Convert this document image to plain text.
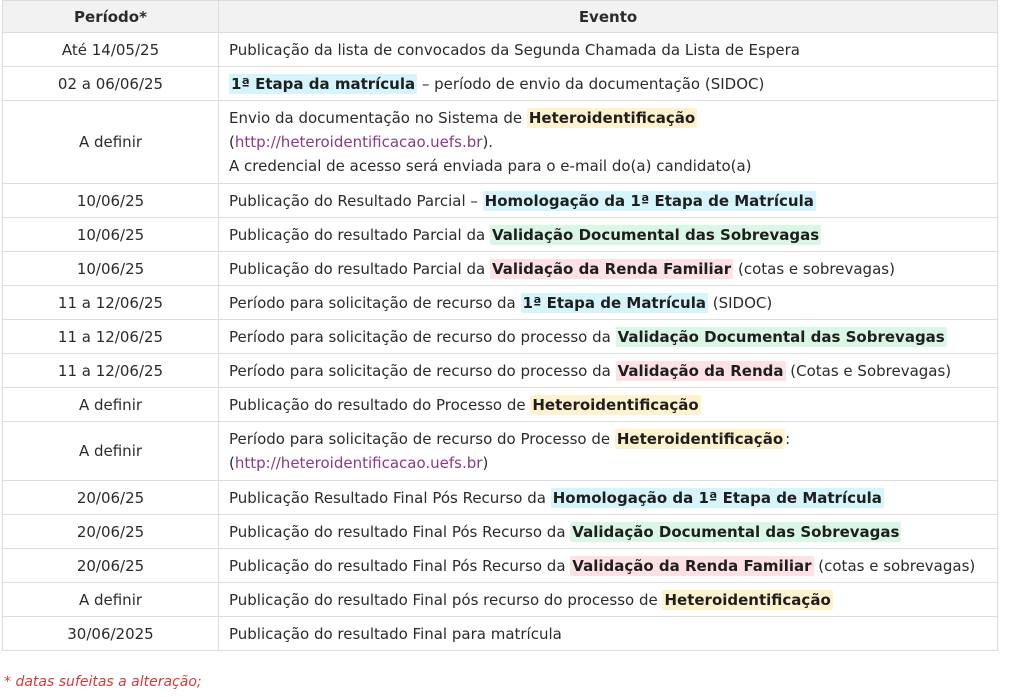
Período*	Evento
Até 14/05/25	Publicação da lista de convocados da Segunda Chamada da Lista de Espera
02 a 06/06/25	1ª Etapa da matrícula – período de envio da documentação (SIDOC)
A definir	Envio da documentação no Sistema de Heteroidentificação
(http://heteroidentificacao.uefs.br).
A credencial de acesso será enviada para o e-mail do(a) candidato(a)
10/06/25	Publicação do Resultado Parcial – Homologação da 1ª Etapa de Matrícula
10/06/25	Publicação do resultado Parcial da Validação Documental das Sobrevagas
10/06/25	Publicação do resultado Parcial da Validação da Renda Familiar (cotas e sobrevagas)
11 a 12/06/25	Período para solicitação de recurso da 1ª Etapa de Matrícula (SIDOC)
11 a 12/06/25	Período para solicitação de recurso do processo da Validação Documental das Sobrevagas
11 a 12/06/25	Período para solicitação de recurso do processo da Validação da Renda (Cotas e Sobrevagas)
A definir	Publicação do resultado do Processo de Heteroidentificação
A definir	Período para solicitação de recurso do Processo de Heteroidentificação :
(http://heteroidentificacao.uefs.br)
20/06/25	Publicação Resultado Final Pós Recurso da Homologação da 1ª Etapa de Matrícula
20/06/25	Publicação do resultado Final Pós Recurso da Validação Documental das Sobrevagas
20/06/25	Publicação do resultado Final Pós Recurso da Validação da Renda Familiar (cotas e sobrevagas)
A definir	Publicação do resultado Final pós recurso do processo de Heteroidentificação
30/06/2025	Publicação do resultado Final para matrícula
* datas sufeitas a alteração;
